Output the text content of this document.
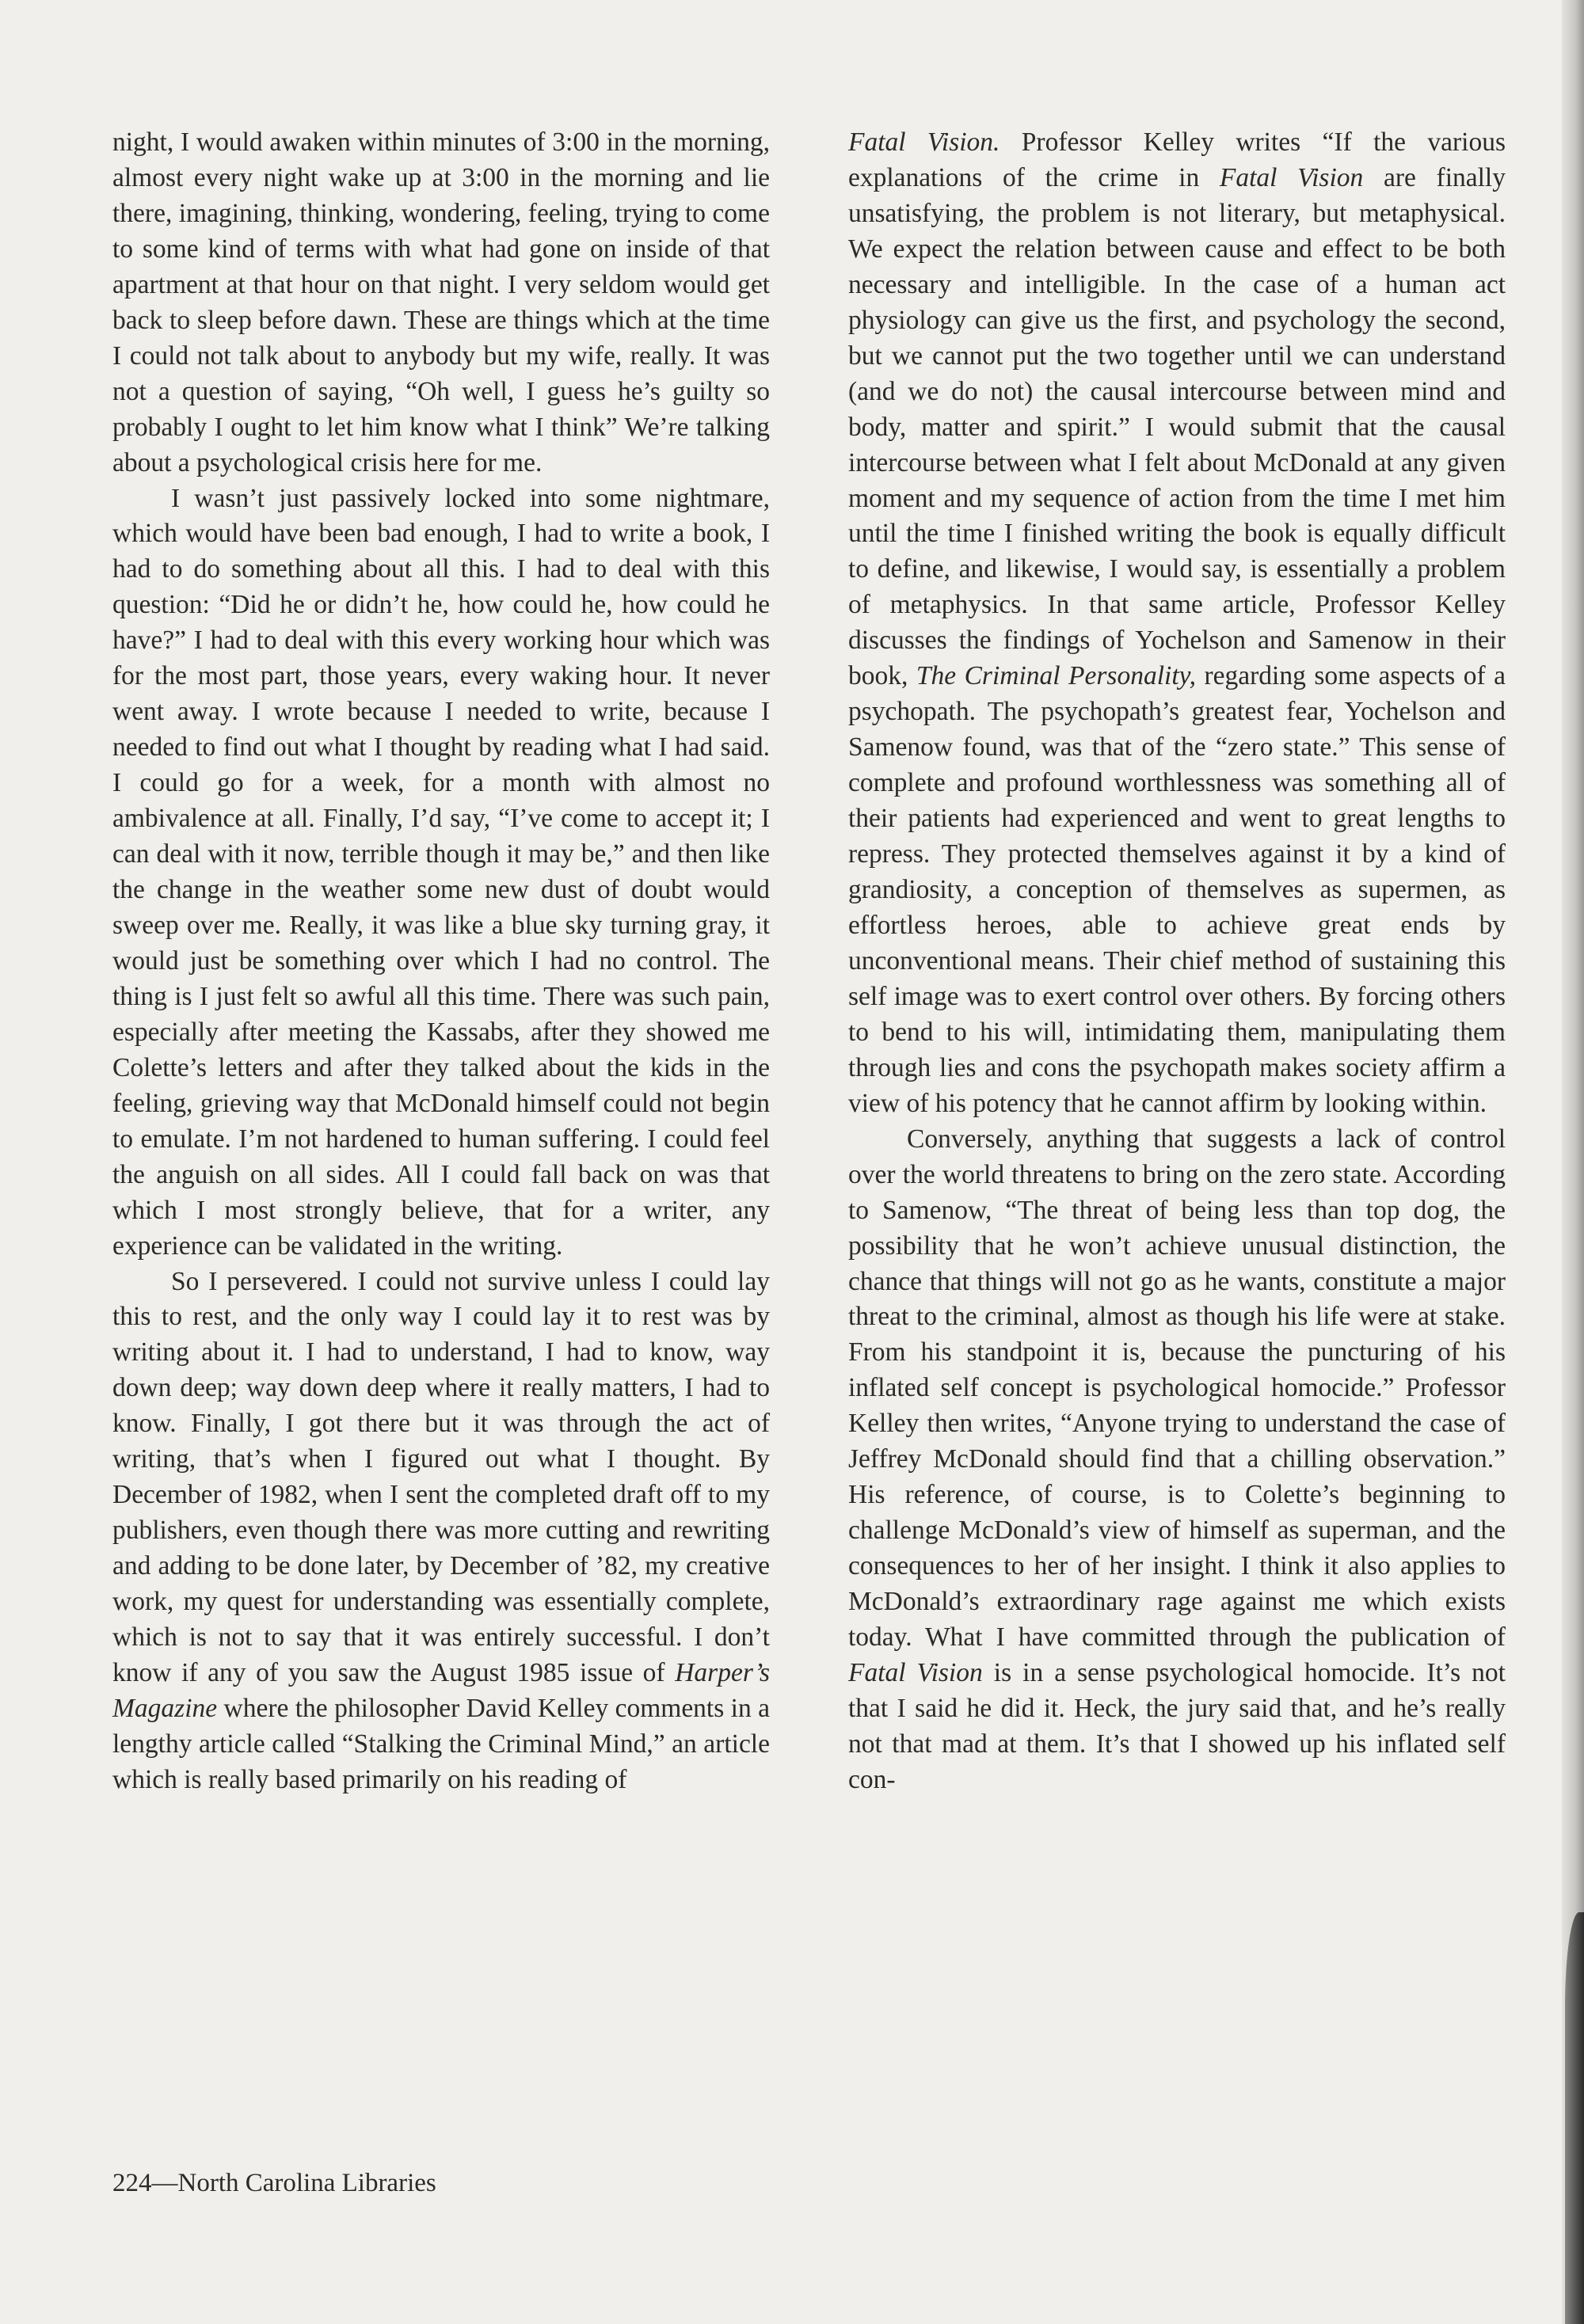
night, I would awaken within minutes of 3:00 in the morning, almost every night wake up at 3:00 in the morning and lie there, imagining, thinking, wondering, feeling, trying to come to some kind of terms with what had gone on inside of that apartment at that hour on that night. I very seldom would get back to sleep before dawn. These are things which at the time I could not talk about to anybody but my wife, really. It was not a question of saying, “Oh well, I guess he’s guilty so probably I ought to let him know what I think” We’re talking about a psychological crisis here for me.

I wasn’t just passively locked into some nightmare, which would have been bad enough, I had to write a book, I had to do something about all this. I had to deal with this question: “Did he or didn’t he, how could he, how could he have?” I had to deal with this every working hour which was for the most part, those years, every waking hour. It never went away. I wrote because I needed to write, because I needed to find out what I thought by reading what I had said. I could go for a week, for a month with almost no ambivalence at all. Finally, I’d say, “I’ve come to accept it; I can deal with it now, terrible though it may be,” and then like the change in the weather some new dust of doubt would sweep over me. Really, it was like a blue sky turning gray, it would just be something over which I had no control. The thing is I just felt so awful all this time. There was such pain, especially after meeting the Kassabs, after they showed me Colette’s letters and after they talked about the kids in the feeling, grieving way that McDonald himself could not begin to emulate. I’m not hardened to human suffering. I could feel the anguish on all sides. All I could fall back on was that which I most strongly believe, that for a writer, any experience can be validated in the writing.

So I persevered. I could not survive unless I could lay this to rest, and the only way I could lay it to rest was by writing about it. I had to understand, I had to know, way down deep; way down deep where it really matters, I had to know. Finally, I got there but it was through the act of writing, that’s when I figured out what I thought. By December of 1982, when I sent the completed draft off to my publishers, even though there was more cutting and rewriting and adding to be done later, by December of ’82, my creative work, my quest for understanding was essentially complete, which is not to say that it was entirely successful. I don’t know if any of you saw the August 1985 issue of Harper’s Magazine where the philosopher David Kelley comments in a lengthy article called “Stalking the Criminal Mind,” an article which is really based primarily on his reading of

Fatal Vision. Professor Kelley writes “If the various explanations of the crime in Fatal Vision are finally unsatisfying, the problem is not literary, but metaphysical. We expect the relation between cause and effect to be both necessary and intelligible. In the case of a human act physiology can give us the first, and psychology the second, but we cannot put the two together until we can understand (and we do not) the causal intercourse between mind and body, matter and spirit.” I would submit that the causal intercourse between what I felt about McDonald at any given moment and my sequence of action from the time I met him until the time I finished writing the book is equally difficult to define, and likewise, I would say, is essentially a problem of metaphysics. In that same article, Professor Kelley discusses the findings of Yochelson and Samenow in their book, The Criminal Personality, regarding some aspects of a psychopath. The psychopath’s greatest fear, Yochelson and Samenow found, was that of the “zero state.” This sense of complete and profound worthlessness was something all of their patients had experienced and went to great lengths to repress. They protected themselves against it by a kind of grandiosity, a conception of themselves as supermen, as effortless heroes, able to achieve great ends by unconventional means. Their chief method of sustaining this self image was to exert control over others. By forcing others to bend to his will, intimidating them, manipulating them through lies and cons the psychopath makes society affirm a view of his potency that he cannot affirm by looking within.

Conversely, anything that suggests a lack of control over the world threatens to bring on the zero state. According to Samenow, “The threat of being less than top dog, the possibility that he won’t achieve unusual distinction, the chance that things will not go as he wants, constitute a major threat to the criminal, almost as though his life were at stake. From his standpoint it is, because the puncturing of his inflated self concept is psychological homocide.” Professor Kelley then writes, “Anyone trying to understand the case of Jeffrey McDonald should find that a chilling observation.” His reference, of course, is to Colette’s beginning to challenge McDonald’s view of himself as superman, and the consequences to her of her insight. I think it also applies to McDonald’s extraordinary rage against me which exists today. What I have committed through the publication of Fatal Vision is in a sense psychological homocide. It’s not that I said he did it. Heck, the jury said that, and he’s really not that mad at them. It’s that I showed up his inflated self con-

224—North Carolina Libraries
